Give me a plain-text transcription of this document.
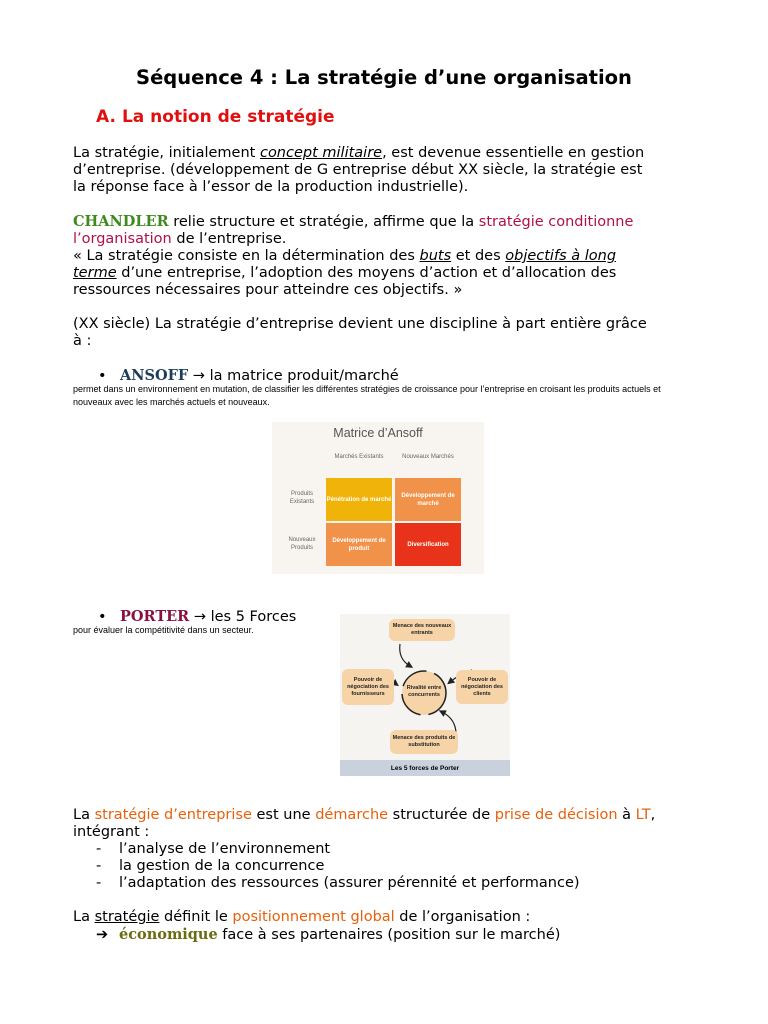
Séquence 4 : La stratégie d’une organisation
A. La notion de stratégie
La stratégie, initialement concept militaire, est devenue essentielle en gestion
d’entreprise. (développement de G entreprise début XX siècle, la stratégie est
la réponse face à l’essor de la production industrielle).
CHANDLER relie structure et stratégie, affirme que la stratégie conditionne
l’organisation de l’entreprise.
« La stratégie consiste en la détermination des buts et des objectifs à long
terme d’une entreprise, l’adoption des moyens d’action et d’allocation des
ressources nécessaires pour atteindre ces objectifs. »
(XX siècle) La stratégie d’entreprise devient une discipline à part entière grâce
à :
• ANSOFF → la matrice produit/marché
permet dans un environnement en mutation, de classifier les différentes stratégies de croissance pour l’entreprise en croisant les produits actuels et
nouveaux avec les marchés actuels et nouveaux.
Matrice d’Ansoff
Marchés Existants	Nouveaux Marchés
Produits Existants
Nouveaux Produits
Pénétration de marché
Développement de marché
Développement de produit
Diversification
• PORTER → les 5 Forces
pour évaluer la compétitivité dans un secteur.	Menace des nouveaux entrants
Pouvoir de négociation des fournisseurs
Rivalité entre concurrents
Pouvoir de négociation des clients
Menace des produits de substitution
Les 5 forces de Porter
La stratégie d’entreprise est une démarche structurée de prise de décision à LT,
intégrant :
- l’analyse de l’environnement
- la gestion de la concurrence
- l’adaptation des ressources (assurer pérennité et performance)
La stratégie définit le positionnement global de l’organisation :
➔ économique face à ses partenaires (position sur le marché)
